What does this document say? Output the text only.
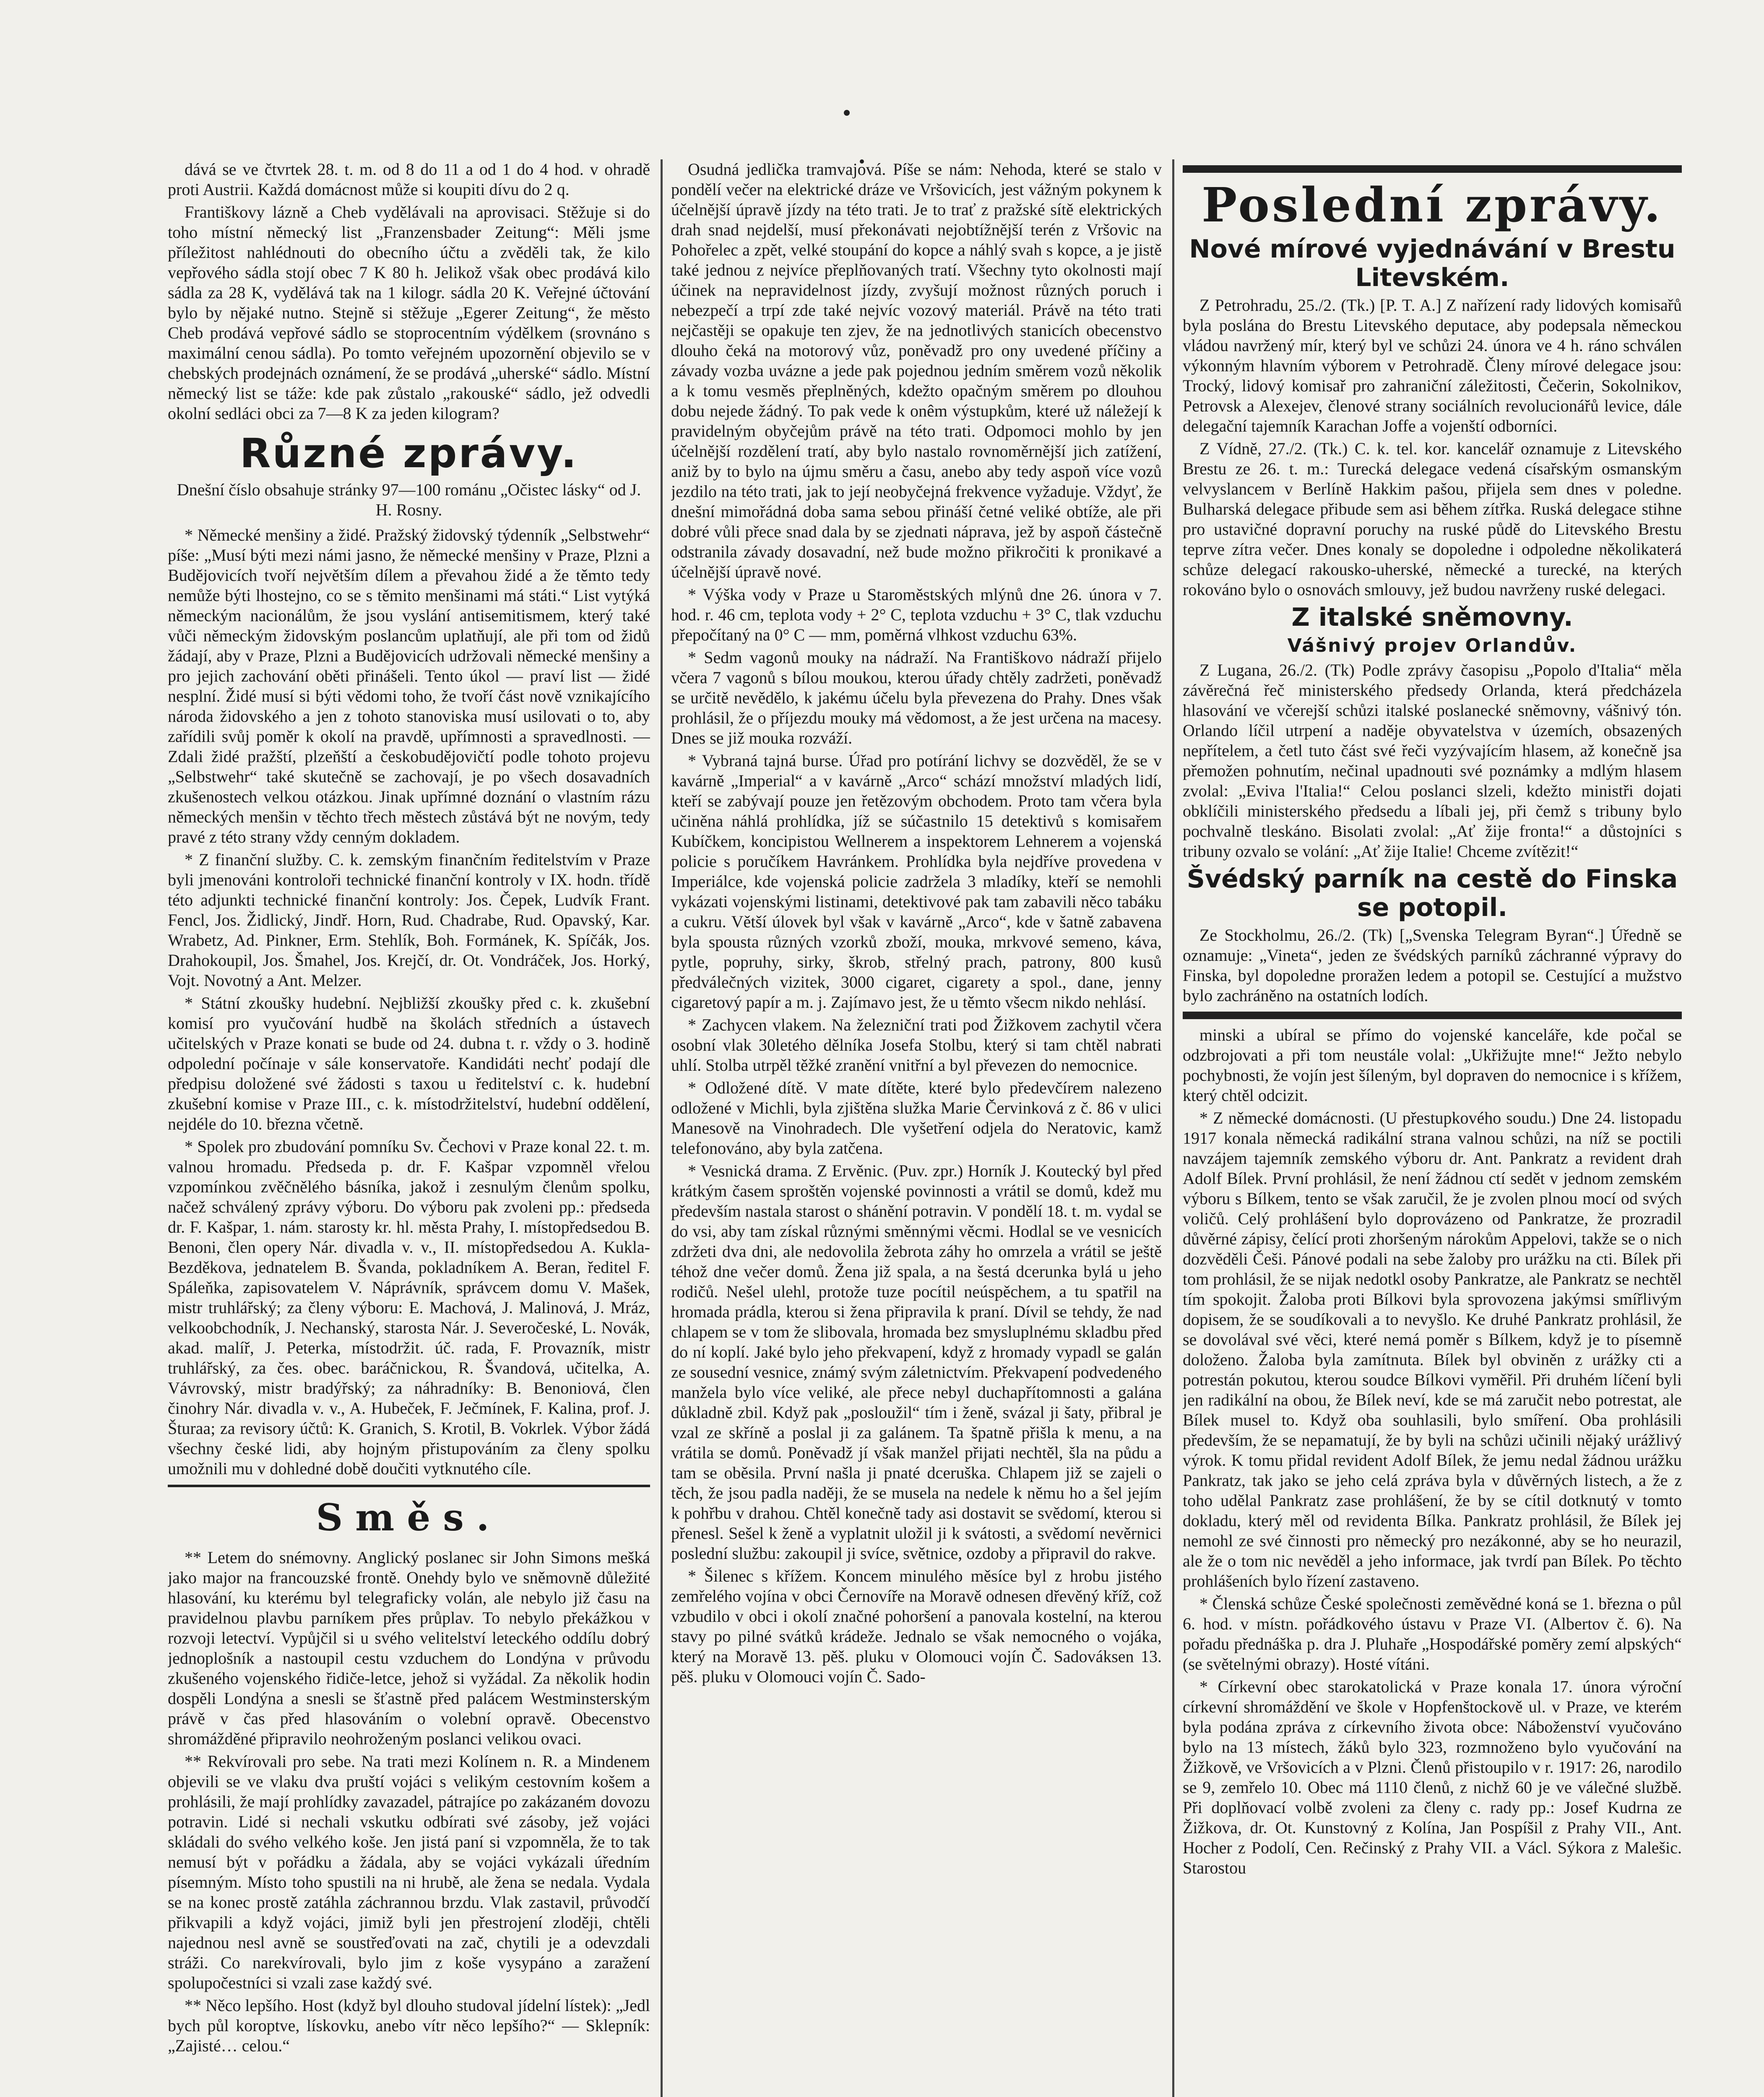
dává se ve čtvrtek 28. t. m. od 8 do 11 a od 1 do 4 hod. v ohradě proti Austrii. Každá domácnost může si koupiti dívu do 2 q.

Františkovy lázně a Cheb vydělávali na aprovisaci. Stěžuje si do toho místní německý list „Franzensbader Zeitung“: Měli jsme příležitost nahlédnouti do obecního účtu a zvěděli tak, že kilo vepřového sádla stojí obec 7 K 80 h. Jelikož však obec prodává kilo sádla za 28 K, vydělává tak na 1 kilogr. sádla 20 K. Veřejné účtování bylo by nějaké nutno. Stejně si stěžuje „Egerer Zeitung“, že město Cheb prodává vepřové sádlo se stoprocentním výdělkem (srovnáno s maximální cenou sádla). Po tomto veřejném upozornění objevilo se v chebských prodejnách oznámení, že se prodává „uherské“ sádlo. Místní německý list se táže: kde pak zůstalo „rakouské“ sádlo, jež odvedli okolní sedláci obci za 7—8 K za jeden kilogram?

Různé zprávy.
Dnešní číslo obsahuje stránky 97—100 románu „Očistec lásky“ od J. H. Rosny.

* Německé menšiny a židé. Pražský židovský týdenník „Selbstwehr“ píše: „Musí býti mezi námi jasno, že německé menšiny v Praze, Plzni a Budějovicích tvoří největším dílem a převahou židé a že těmto tedy nemůže býti lhostejno, co se s těmito menšinami má státi.“ List vytýká německým nacionálům, že jsou vyslání antisemitismem, který také vůči německým židovským poslancům uplatňují, ale při tom od židů žádají, aby v Praze, Plzni a Budějovicích udržovali německé menšiny a pro jejich zachování oběti přinášeli. Tento úkol — praví list — židé nesplní. Židé musí si býti vědomi toho, že tvoří část nově vznikajícího národa židovského a jen z tohoto stanoviska musí usilovati o to, aby zařídili svůj poměr k okolí na pravdě, upřímnosti a spravedlnosti. — Zdali židé pražští, plzeňští a českobudějovičtí podle tohoto projevu „Selbstwehr“ také skutečně se zachovají, je po všech dosavadních zkušenostech velkou otázkou. Jinak upřímné doznání o vlastním rázu německých menšin v těchto třech městech zůstává být ne novým, tedy pravé z této strany vždy cenným dokladem.

* Z finanční služby. C. k. zemským finančním ředitelstvím v Praze byli jmenováni kontroloři technické finanční kontroly v IX. hodn. třídě této adjunkti technické finanční kontroly: Jos. Čepek, Ludvík Frant. Fencl, Jos. Židlický, Jindř. Horn, Rud. Chadrabe, Rud. Opavský, Kar. Wrabetz, Ad. Pinkner, Erm. Stehlík, Boh. Formánek, K. Spíčák, Jos. Drahokoupil, Jos. Šmahel, Jos. Krejčí, dr. Ot. Vondráček, Jos. Horký, Vojt. Novotný a Ant. Melzer.

* Státní zkoušky hudební. Nejbližší zkoušky před c. k. zkušební komisí pro vyučování hudbě na školách středních a ústavech učitelských v Praze konati se bude od 24. dubna t. r. vždy o 3. hodině odpolední počínaje v sále konservatoře. Kandidáti nechť podají dle předpisu doložené své žádosti s taxou u ředitelství c. k. hudební zkušební komise v Praze III., c. k. místodržitelství, hudební oddělení, nejdéle do 10. března včetně.

* Spolek pro zbudování pomníku Sv. Čechovi v Praze konal 22. t. m. valnou hromadu. Předseda p. dr. F. Kašpar vzpomněl vřelou vzpomínkou zvěčnělého básníka, jakož i zesnulým členům spolku, načež schválený zprávy výboru. Do výboru pak zvoleni pp.: předseda dr. F. Kašpar, 1. nám. starosty kr. hl. města Prahy, I. místopředsedou B. Benoni, člen opery Nár. divadla v. v., II. místopředsedou A. Kukla-Bezděkova, jednatelem B. Švanda, pokladníkem A. Beran, ředitel F. Spáleňka, zapisovatelem V. Náprávník, správcem domu V. Mašek, mistr truhlářský; za členy výboru: E. Machová, J. Malinová, J. Mráz, velkoobchodník, J. Nechanský, starosta Nár. J. Severočeské, L. Novák, akad. malíř, J. Peterka, místodržit. úč. rada, F. Provazník, mistr truhlářský, za čes. obec. baráčnickou, R. Švandová, učitelka, A. Vávrovský, mistr bradýřský; za náhradníky: B. Benoniová, člen činohry Nár. divadla v. v., A. Hubeček, F. Ječmínek, F. Kalina, prof. J. Šturaa; za revisory účtů: K. Granich, S. Krotil, B. Vokrlek. Výbor žádá všechny české lidi, aby hojným přistupováním za členy spolku umožnili mu v dohledné době doučiti vytknutého cíle.

Směs.

** Letem do snémovny. Anglický poslanec sir John Simons mešká jako major na francouzské frontě. Onehdy bylo ve sněmovně důležité hlasování, ku kterému byl telegraficky volán, ale nebylo již času na pravidelnou plavbu parníkem přes průplav. To nebylo překážkou v rozvoji letectví. Vypůjčil si u svého velitelství leteckého oddílu dobrý jednoplošník a nastoupil cestu vzduchem do Londýna v průvodu zkušeného vojenského řidiče-letce, jehož si vyžádal. Za několik hodin dospěli Londýna a snesli se šťastně před palácem Westminsterským právě v čas před hlasováním o volební opravě. Obecenstvo shromážděné připravilo neohroženým poslanci velikou ovaci.

** Rekvírovali pro sebe. Na trati mezi Kolínem n. R. a Mindenem objevili se ve vlaku dva pruští vojáci s velikým cestovním košem a prohlásili, že mají prohlídky zavazadel, pátrajíce po zakázaném dovozu potravin. Lidé si nechali vskutku odbírati své zásoby, jež vojáci skládali do svého velkého koše. Jen jistá paní si vzpomněla, že to tak nemusí být v pořádku a žádala, aby se vojáci vykázali úředním písemným. Místo toho spustili na ni hrubě, ale žena se nedala. Vydala se na konec prostě zatáhla záchrannou brzdu. Vlak zastavil, průvodčí přikvapili a když vojáci, jimiž byli jen přestrojení zloději, chtěli najednou nesl avně se soustřeďovati na zač, chytili je a odevzdali stráži. Co narekvírovali, bylo jim z koše vysypáno a zaražení spolupočestníci si vzali zase každý své.

** Něco lepšího. Host (když byl dlouho studoval jídelní lístek): „Jedl bych půl koroptve, lískovku, anebo vítr něco lepšího?“ — Sklepník: „Zajisté… celou.“

Osudná jedlička tramvajová. Píše se nám: Nehoda, které se stalo v pondělí večer na elektrické dráze ve Vršovicích, jest vážným pokynem k účelnější úpravě jízdy na této trati. Je to trať z pražské sítě elektrických drah snad nejdelší, musí překonávati nejobtížnější terén z Vršovic na Pohořelec a zpět, velké stoupání do kopce a náhlý svah s kopce, a je jistě také jednou z nejvíce přeplňovaných tratí. Všechny tyto okolnosti mají účinek na nepravidelnost jízdy, zvyšují možnost různých poruch i nebezpečí a trpí zde také nejvíc vozový materiál. Právě na této trati nejčastěji se opakuje ten zjev, že na jednotlivých stanicích obecenstvo dlouho čeká na motorový vůz, poněvadž pro ony uvedené příčiny a závady vozba uvázne a jede pak pojednou jedním směrem vozů několik a k tomu vesměs přeplněných, kdežto opačným směrem po dlouhou dobu nejede žádný. To pak vede k onêm výstupkům, které už náležejí k pravidelným obyčejům právě na této trati. Odpomoci mohlo by jen účelnější rozdělení tratí, aby bylo nastalo rovnoměrnější jich zatížení, aniž by to bylo na újmu směru a času, anebo aby tedy aspoň více vozů jezdilo na této trati, jak to její neobyčejná frekvence vyžaduje. Vždyť, že dnešní mimořádná doba sama sebou přináší četné veliké obtíže, ale při dobré vůli přece snad dala by se zjednati náprava, jež by aspoň částečně odstranila závady dosavadní, než bude možno přikročiti k pronikavé a účelnější úpravě nové.

* Výška vody v Praze u Staroměstských mlýnů dne 26. února v 7. hod. r. 46 cm, teplota vody + 2° C, teplota vzduchu + 3° C, tlak vzduchu přepočítaný na 0° C — mm, poměrná vlhkost vzduchu 63%.

* Sedm vagonů mouky na nádraží. Na Františkovo nádraží přijelo včera 7 vagonů s bílou moukou, kterou úřady chtěly zadržeti, poněvadž se určitě nevědělo, k jakému účelu byla převezena do Prahy. Dnes však prohlásil, že o příjezdu mouky má vědomost, a že jest určena na macesy. Dnes se již mouka rozváží.

* Vybraná tajná burse. Úřad pro potírání lichvy se dozvěděl, že se v kavárně „Imperial“ a v kavárně „Arco“ schází množství mladých lidí, kteří se zabývají pouze jen řetězovým obchodem. Proto tam včera byla učiněna náhlá prohlídka, jíž se súčastnilo 15 detektivů s komisařem Kubíčkem, koncipistou Wellnerem a inspektorem Lehnerem a vojenská policie s poručíkem Havránkem. Prohlídka byla nejdříve provedena v Imperiálce, kde vojenská policie zadržela 3 mladíky, kteří se nemohli vykázati vojenskými listinami, detektivové pak tam zabavili něco tabáku a cukru. Větší úlovek byl však v kavárně „Arco“, kde v šatně zabavena byla spousta různých vzorků zboží, mouka, mrkvové semeno, káva, pytle, popruhy, sirky, škrob, střelný prach, patrony, 800 kusů předválečných vizitek, 3000 cigaret, cigarety a spol., dane, jenny cigaretový papír a m. j. Zajímavo jest, že u těmto všecm nikdo nehlásí.

* Zachycen vlakem. Na železniční trati pod Žižkovem zachytil včera osobní vlak 30letého dělníka Josefa Stolbu, který si tam chtěl nabrati uhlí. Stolba utrpěl těžké zranění vnitřní a byl převezen do nemocnice.

* Odložené dítě. V mate dítěte, které bylo předevčírem nalezeno odložené v Michli, byla zjištěna služka Marie Červinková z č. 86 v ulici Manesově na Vinohradech. Dle vyšetření odjela do Neratovic, kamž telefonováno, aby byla zatčena.

* Vesnická drama. Z Ervěnic. (Puv. zpr.) Horník J. Koutecký byl před krátkým časem sproštěn vojenské povinnosti a vrátil se domů, kdež mu především nastala starost o shánění potravin. V pondělí 18. t. m. vydal se do vsi, aby tam získal různými směnnými věcmi. Hodlal se ve vesnicích zdržeti dva dni, ale nedovolila žebrota záhy ho omrzela a vrátil se ještě téhož dne večer domů. Žena již spala, a na šestá dcerunka bylá u jeho rodičů. Nešel ulehl, protože tuze pocítil neúspěchem, a tu spatřil na hromada prádla, kterou si žena připravila k praní. Dívil se tehdy, že nad chlapem se v tom že slibovala, hromada bez smysluplnému skladbu před do ní koplí. Jaké bylo jeho překvapení, když z hromady vypadl se galán ze sousední vesnice, známý svým záletnictvím. Překvapení podvedeného manžela bylo více veliké, ale přece nebyl duchapřítomnosti a galána důkladně zbil. Když pak „posloužil“ tím i ženě, svázal ji šaty, přibral je vzal ze skříně a poslal ji za galánem. Ta špatně přišla k menu, a na vrátila se domů. Poněvadž jí však manžel přijati nechtěl, šla na půdu a tam se oběsila. První našla ji pnaté dceruška. Chlapem již se zajeli o těch, že jsou padla naději, že se musela na nedele k němu ho a šel jejím k pohřbu v drahou. Chtěl konečně tady asi dostavit se svědomí, kterou si přenesl. Sešel k ženě a vyplatnit uložil ji k svátosti, a svědomí nevěrnici poslední službu: zakoupil ji svíce, světnice, ozdoby a připravil do rakve.

* Šilenec s křížem. Koncem minulého měsíce byl z hrobu jistého zemřelého vojína v obci Černovíře na Moravě odnesen dřevěný kříž, což vzbudilo v obci i okolí značné pohoršení a panovala kostelní, na kterou stavy po pilné svátků krádeže. Jednalo se však nemocného o vojáka, který na Moravě 13. pěš. pluku v Olomouci vojín Č. Sadováksen 13. pěš. pluku v Olomouci vojín Č. Sado-

Poslední zprávy.
Nové mírové vyjednávání v Brestu Litevském.

Z Petrohradu, 25./2. (Tk.) [P. T. A.] Z nařízení rady lidových komisařů byla poslána do Brestu Litevského deputace, aby podepsala německou vládou navržený mír, který byl ve schůzi 24. února ve 4 h. ráno schválen výkonným hlavním výborem v Petrohradě. Členy mírové delegace jsou: Trocký, lidový komisař pro zahraniční záležitosti, Čečerin, Sokolnikov, Petrovsk a Alexejev, členové strany sociálních revolucionářů levice, dále delegační tajemník Karachan Joffe a vojenští odborníci.

Z Vídně, 27./2. (Tk.) C. k. tel. kor. kancelář oznamuje z Litevského Brestu ze 26. t. m.: Turecká delegace vedená císařským osmanským velvyslancem v Berlíně Hakkim pašou, přijela sem dnes v poledne. Bulharská delegace přibude sem asi během zítřka. Ruská delegace stihne pro ustavičné dopravní poruchy na ruské půdě do Litevského Brestu teprve zítra večer. Dnes konaly se dopoledne i odpoledne několikaterá schůze delegací rakousko-uherské, německé a turecké, na kterých rokováno bylo o osnovách smlouvy, jež budou navrženy ruské delegaci.

Z italské sněmovny.
Vášnivý projev Orlandův.

Z Lugana, 26./2. (Tk) Podle zprávy časopisu „Popolo d'Italia“ měla závěrečná řeč ministerského předsedy Orlanda, která předcházela hlasování ve včerejší schůzi italské poslanecké sněmovny, vášnivý tón. Orlando líčil utrpení a naděje obyvatelstva v územích, obsazených nepřítelem, a četl tuto část své řeči vyzývajícím hlasem, až konečně jsa přemožen pohnutím, nečinal upadnouti své poznámky a mdlým hlasem zvolal: „Eviva l'Italia!“ Celou poslanci slzeli, kdežto ministři dojati obklíčili ministerského předsedu a líbali jej, při čemž s tribuny bylo pochvalně tleskáno. Bisolati zvolal: „Ať žije fronta!“ a důstojníci s tribuny ozvalo se volání: „Ať žije Italie! Chceme zvítězit!“

Švédský parník na cestě do Finska se potopil.

Ze Stockholmu, 26./2. (Tk) [„Svenska Telegram Byran“.] Úředně se oznamuje: „Vineta“, jeden ze švédských parníků záchranné výpravy do Finska, byl dopoledne proražen ledem a potopil se. Cestující a mužstvo bylo zachráněno na ostatních lodích.

minski a ubíral se přímo do vojenské kanceláře, kde počal se odzbrojovati a při tom neustále volal: „Ukřižujte mne!“ Ježto nebylo pochybnosti, že vojín jest šíleným, byl dopraven do nemocnice i s křížem, který chtěl odcizit.

* Z německé domácnosti. (U přestupkového soudu.) Dne 24. listopadu 1917 konala německá radikální strana valnou schůzi, na níž se poctili navzájem tajemník zemského výboru dr. Ant. Pankratz a revident drah Adolf Bílek. První prohlásil, že není žádnou ctí sedět v jednom zemském výboru s Bílkem, tento se však zaručil, že je zvolen plnou mocí od svých voličů. Celý prohlášení bylo doprovázeno od Pankratze, že prozradil důvěrné zápisy, čelící proti zhoršeným nárokům Appelovi, takže se o nich dozvěděli Češi. Pánové podali na sebe žaloby pro urážku na cti. Bílek při tom prohlásil, že se nijak nedotkl osoby Pankratze, ale Pankratz se nechtěl tím spokojit. Žaloba proti Bílkovi byla sprovozena jakýmsi smířlivým dopisem, že se soudíkovali a to nevyšlo. Ke druhé Pankratz prohlásil, že se dovolával své věci, které nemá poměr s Bílkem, když je to písemně doloženo. Žaloba byla zamítnuta. Bílek byl obviněn z urážky cti a potrestán pokutou, kterou soudce Bílkovi vyměřil. Při druhém líčení byli jen radikální na obou, že Bílek neví, kde se má zaručit nebo potrestat, ale Bílek musel to. Když oba souhlasili, bylo smíření. Oba prohlásili především, že se nepamatují, že by byli na schůzi učinili nějaký urážlivý výrok. K tomu přidal revident Adolf Bílek, že jemu nedal žádnou urážku Pankratz, tak jako se jeho celá zpráva byla v důvěrných listech, a že z toho udělal Pankratz zase prohlášení, že by se cítil dotknutý v tomto dokladu, který měl od revidenta Bílka. Pankratz prohlásil, že Bílek jej nemohl ze své činnosti pro německý pro nezákonné, aby se ho neurazil, ale že o tom nic nevěděl a jeho informace, jak tvrdí pan Bílek. Po těchto prohlášeních bylo řízení zastaveno.

* Členská schůze České společnosti zeměvědné koná se 1. března o půl 6. hod. v místn. pořádkového ústavu v Praze VI. (Albertov č. 6). Na pořadu přednáška p. dra J. Pluhaře „Hospodářské poměry zemí alpských“ (se světelnými obrazy). Hosté vítáni.

* Církevní obec starokatolická v Praze konala 17. února výroční církevní shromáždění ve škole v Hopfenštockově ul. v Praze, ve kterém byla podána zpráva z církevního života obce: Náboženství vyučováno bylo na 13 místech, žáků bylo 323, rozmnoženo bylo vyučování na Žižkově, ve Vršovicích a v Plzni. Členů přistoupilo v r. 1917: 26, narodilo se 9, zemřelo 10. Obec má 1110 členů, z nichž 60 je ve válečné službě. Při doplňovací volbě zvoleni za členy c. rady pp.: Josef Kudrna ze Žižkova, dr. Ot. Kunstovný z Kolína, Jan Pospíšil z Prahy VII., Ant. Hocher z Podolí, Cen. Rečinský z Prahy VII. a Václ. Sýkora z Malešic. Starostou
